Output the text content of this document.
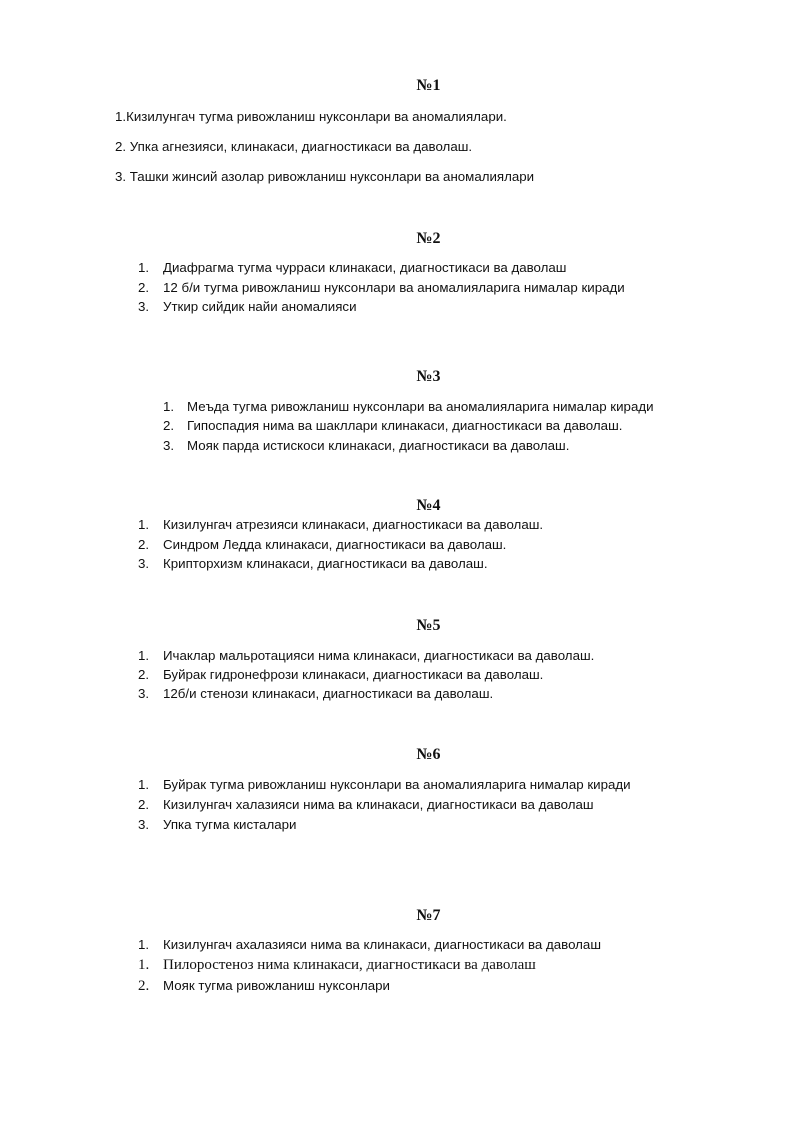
№1

1.Кизилунгач тугма ривожланиш нуксонлари ва аномалиялари.

2. Упка агнезияси, клинакаси, диагностикаси ва даволаш.

3. Ташки жинсий азолар ривожланиш нуксонлари ва аномалиялари

№2

1. Диафрагма тугма чурраси клинакаси, диагностикаси ва даволаш

2. 12 б/и тугма ривожланиш нуксонлари ва аномалияларига нималар киради

3. Уткир сийдик найи аномалияси

№3

1. Меъда тугма ривожланиш нуксонлари ва аномалияларига нималар киради

2. Гипоспадия нима ва шакллари клинакаси, диагностикаси ва даволаш.

3. Мояк парда истискоси клинакаси, диагностикаси ва даволаш.

№4

1. Кизилунгач атрезияси клинакаси, диагностикаси ва даволаш.

2. Синдром Ледда клинакаси, диагностикаси ва даволаш.

3. Крипторхизм клинакаси, диагностикаси ва даволаш.

№5

1. Ичаклар мальротацияси нима клинакаси, диагностикаси ва даволаш.

2. Буйрак гидронефрози клинакаси, диагностикаси ва даволаш.

3. 12б/и стенози клинакаси, диагностикаси ва даволаш.

№6

1. Буйрак тугма ривожланиш нуксонлари ва аномалияларига нималар киради

2. Кизилунгач халазияси нима ва клинакаси, диагностикаси ва даволаш

3. Упка тугма кисталари

№7

1. Кизилунгач ахалазияси нима ва клинакаси, диагностикаси ва даволаш

1. Пилоростеноз нима клинакаси, диагностикаси ва даволаш

2. Мояк тугма ривожланиш нуксонлари
